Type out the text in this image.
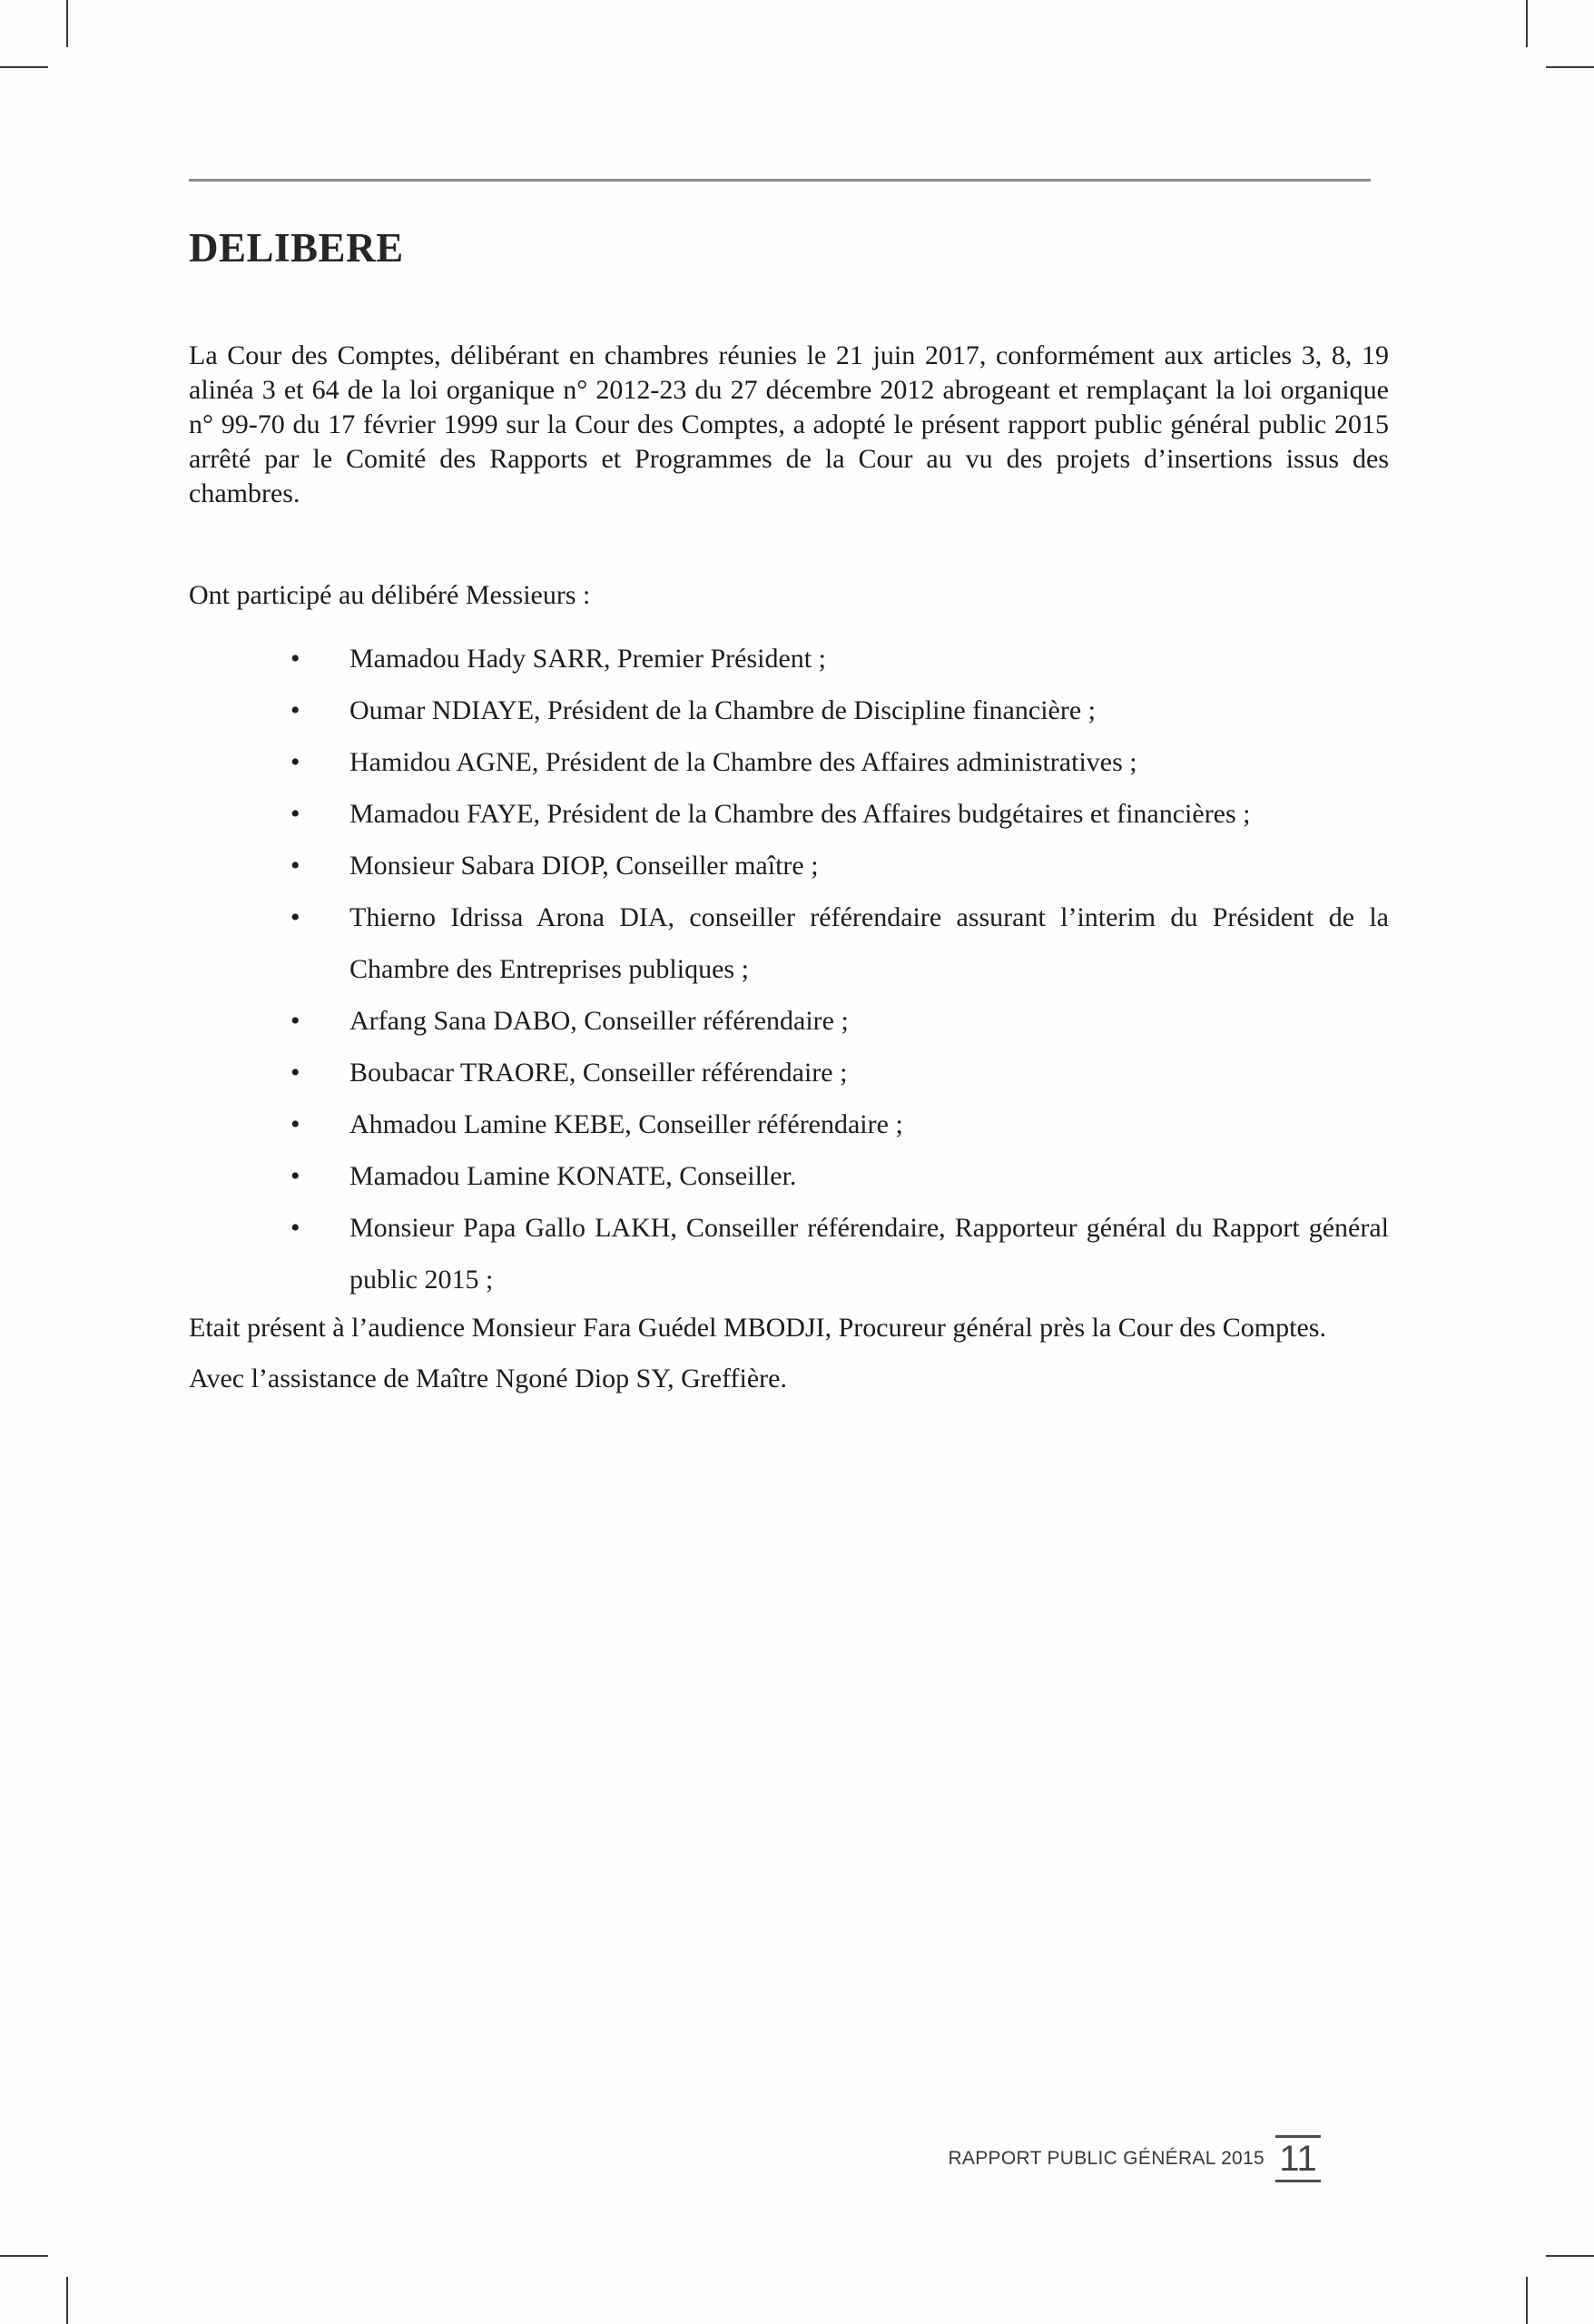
DELIBERE

La Cour des Comptes, délibérant en chambres réunies le 21 juin 2017, conformément aux articles 3, 8, 19 alinéa 3 et 64 de la loi organique n° 2012-23 du 27 décembre 2012 abrogeant et remplaçant la loi organique n° 99-70 du 17 février 1999 sur la Cour des Comptes, a adopté le présent rapport public général public 2015 arrêté par le Comité des Rapports et Programmes de la Cour au vu des projets d’insertions issus des chambres.

Ont participé au délibéré Messieurs :

• Mamadou Hady SARR, Premier Président ;
• Oumar NDIAYE, Président de la Chambre de Discipline financière ;
• Hamidou AGNE, Président de la Chambre des Affaires administratives ;
• Mamadou FAYE, Président de la Chambre des Affaires budgétaires et financières ;
• Monsieur Sabara DIOP, Conseiller maître ;
• Thierno Idrissa Arona DIA, conseiller référendaire assurant l’interim du Président de la Chambre des Entreprises publiques ;
• Arfang Sana DABO, Conseiller référendaire ;
• Boubacar TRAORE, Conseiller référendaire ;
• Ahmadou Lamine KEBE, Conseiller référendaire ;
• Mamadou Lamine KONATE, Conseiller.
• Monsieur Papa Gallo LAKH, Conseiller référendaire, Rapporteur général du Rapport général public 2015 ;

Etait présent à l’audience Monsieur Fara Guédel MBODJI, Procureur général près la Cour des Comptes.

Avec l’assistance de Maître Ngoné Diop SY, Greffière.

RAPPORT PUBLIC GÉNÉRAL 2015 11
